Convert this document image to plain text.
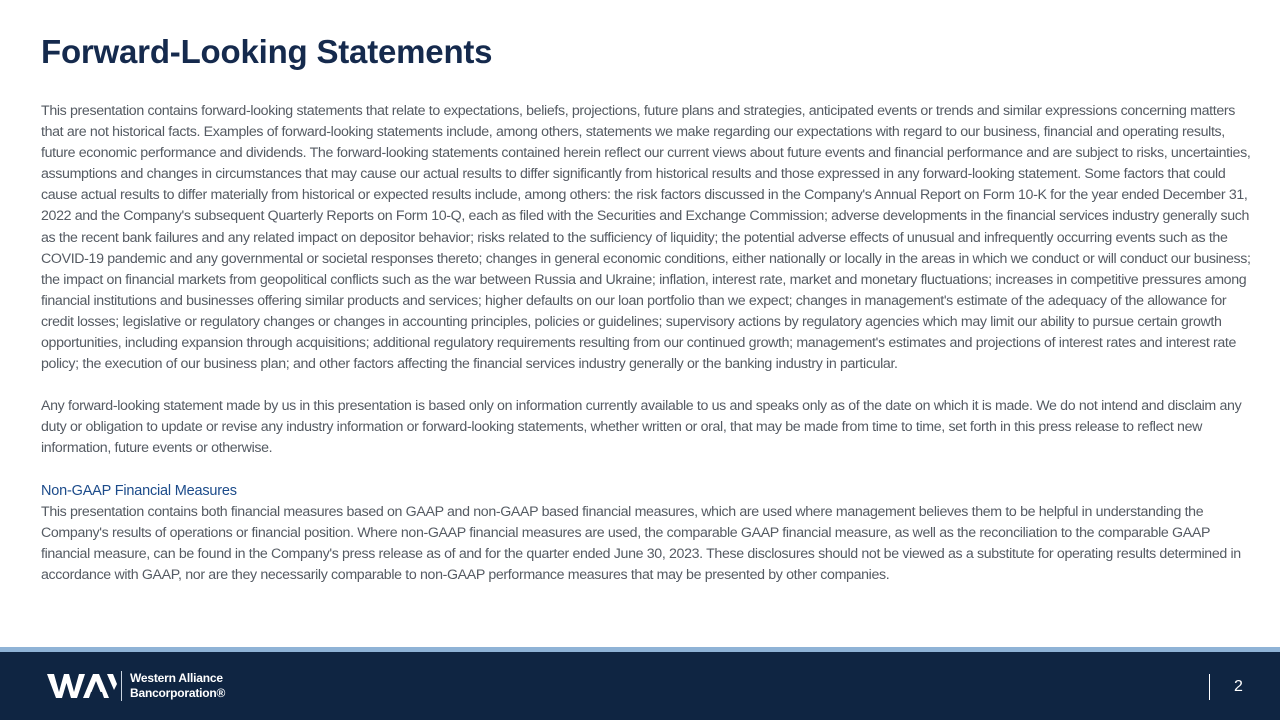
Forward-Looking Statements

This presentation contains forward-looking statements that relate to expectations, beliefs, projections, future plans and strategies, anticipated events or trends and similar expressions concerning matters that are not historical facts. Examples of forward-looking statements include, among others, statements we make regarding our expectations with regard to our business, financial and operating results, future economic performance and dividends. The forward-looking statements contained herein reflect our current views about future events and financial performance and are subject to risks, uncertainties, assumptions and changes in circumstances that may cause our actual results to differ significantly from historical results and those expressed in any forward-looking statement. Some factors that could cause actual results to differ materially from historical or expected results include, among others: the risk factors discussed in the Company's Annual Report on Form 10-K for the year ended December 31, 2022 and the Company's subsequent Quarterly Reports on Form 10-Q, each as filed with the Securities and Exchange Commission; adverse developments in the financial services industry generally such as the recent bank failures and any related impact on depositor behavior; risks related to the sufficiency of liquidity; the potential adverse effects of unusual and infrequently occurring events such as the COVID-19 pandemic and any governmental or societal responses thereto; changes in general economic conditions, either nationally or locally in the areas in which we conduct or will conduct our business; the impact on financial markets from geopolitical conflicts such as the war between Russia and Ukraine; inflation, interest rate, market and monetary fluctuations; increases in competitive pressures among financial institutions and businesses offering similar products and services; higher defaults on our loan portfolio than we expect; changes in management's estimate of the adequacy of the allowance for credit losses; legislative or regulatory changes or changes in accounting principles, policies or guidelines; supervisory actions by regulatory agencies which may limit our ability to pursue certain growth opportunities, including expansion through acquisitions; additional regulatory requirements resulting from our continued growth; management's estimates and projections of interest rates and interest rate policy; the execution of our business plan; and other factors affecting the financial services industry generally or the banking industry in particular.

Any forward-looking statement made by us in this presentation is based only on information currently available to us and speaks only as of the date on which it is made. We do not intend and disclaim any duty or obligation to update or revise any industry information or forward-looking statements, whether written or oral, that may be made from time to time, set forth in this press release to reflect new information, future events or otherwise.

Non-GAAP Financial Measures

This presentation contains both financial measures based on GAAP and non-GAAP based financial measures, which are used where management believes them to be helpful in understanding the Company's results of operations or financial position. Where non-GAAP financial measures are used, the comparable GAAP financial measure, as well as the reconciliation to the comparable GAAP financial measure, can be found in the Company's press release as of and for the quarter ended June 30, 2023. These disclosures should not be viewed as a substitute for operating results determined in accordance with GAAP, nor are they necessarily comparable to non-GAAP performance measures that may be presented by other companies.

Western Alliance
Bancorporation®	2
